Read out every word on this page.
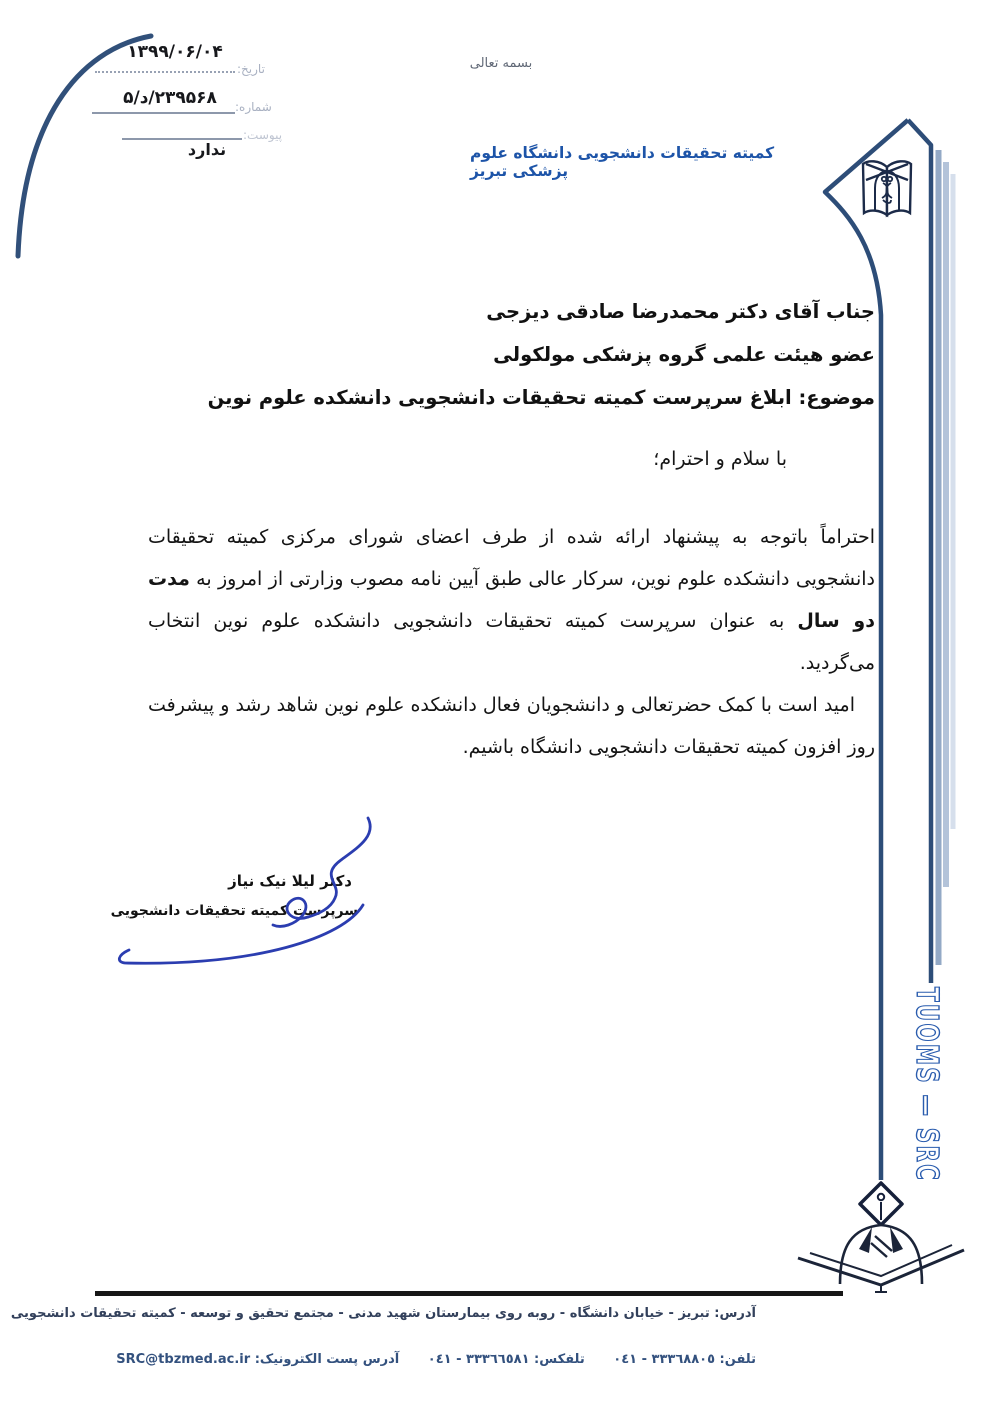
۱۳۹۹/۰۶/۰۴
تاریخ:
۲۳۹۵۶۸/د/۵	شماره:
پیوست:
ندارد
بسمه تعالی
کمیته تحقیقات دانشجویی دانشگاه علوم پزشکی تبریز
TUOMS — SRC
جناب آقای دکتر محمدرضا صادقی دیزجی
عضو هیئت علمی گروه پزشکی مولکولی
موضوع: ابلاغ سرپرست کمیته تحقیقات دانشجویی دانشکده علوم نوین
با سلام و احترام؛

احتراماً باتوجه به پیشنهاد ارائه شده از طرف اعضای شورای مرکزی کمیته تحقیقات دانشجویی دانشکده علوم نوین، سرکار عالی طبق آیین نامه مصوب وزارتی از امروز به مدت دو سال به عنوان سرپرست کمیته تحقیقات دانشجویی دانشکده علوم نوین انتخاب می‌گردید.

امید است با کمک حضرتعالی و دانشجویان فعال دانشکده علوم نوین شاهد رشد و پیشرفت روز افزون کمیته تحقیقات دانشجویی دانشگاه باشیم.

دکتر لیلا نیک نیاز
سرپرست کمیته تحقیقات دانشجویی
آدرس: تبریز - خیابان دانشگاه - روبه روی بیمارستان شهید مدنی - مجتمع تحقیق و توسعه - کمیته تحقیقات دانشجویی
تلفن: ٣٣٣٦٨٨٠٥ - ٠٤١ تلفکس: ٣٣٣٦٦٥٨١ - ٠٤١ آدرس پست الکترونیک: SRC@tbzmed.ac.ir
